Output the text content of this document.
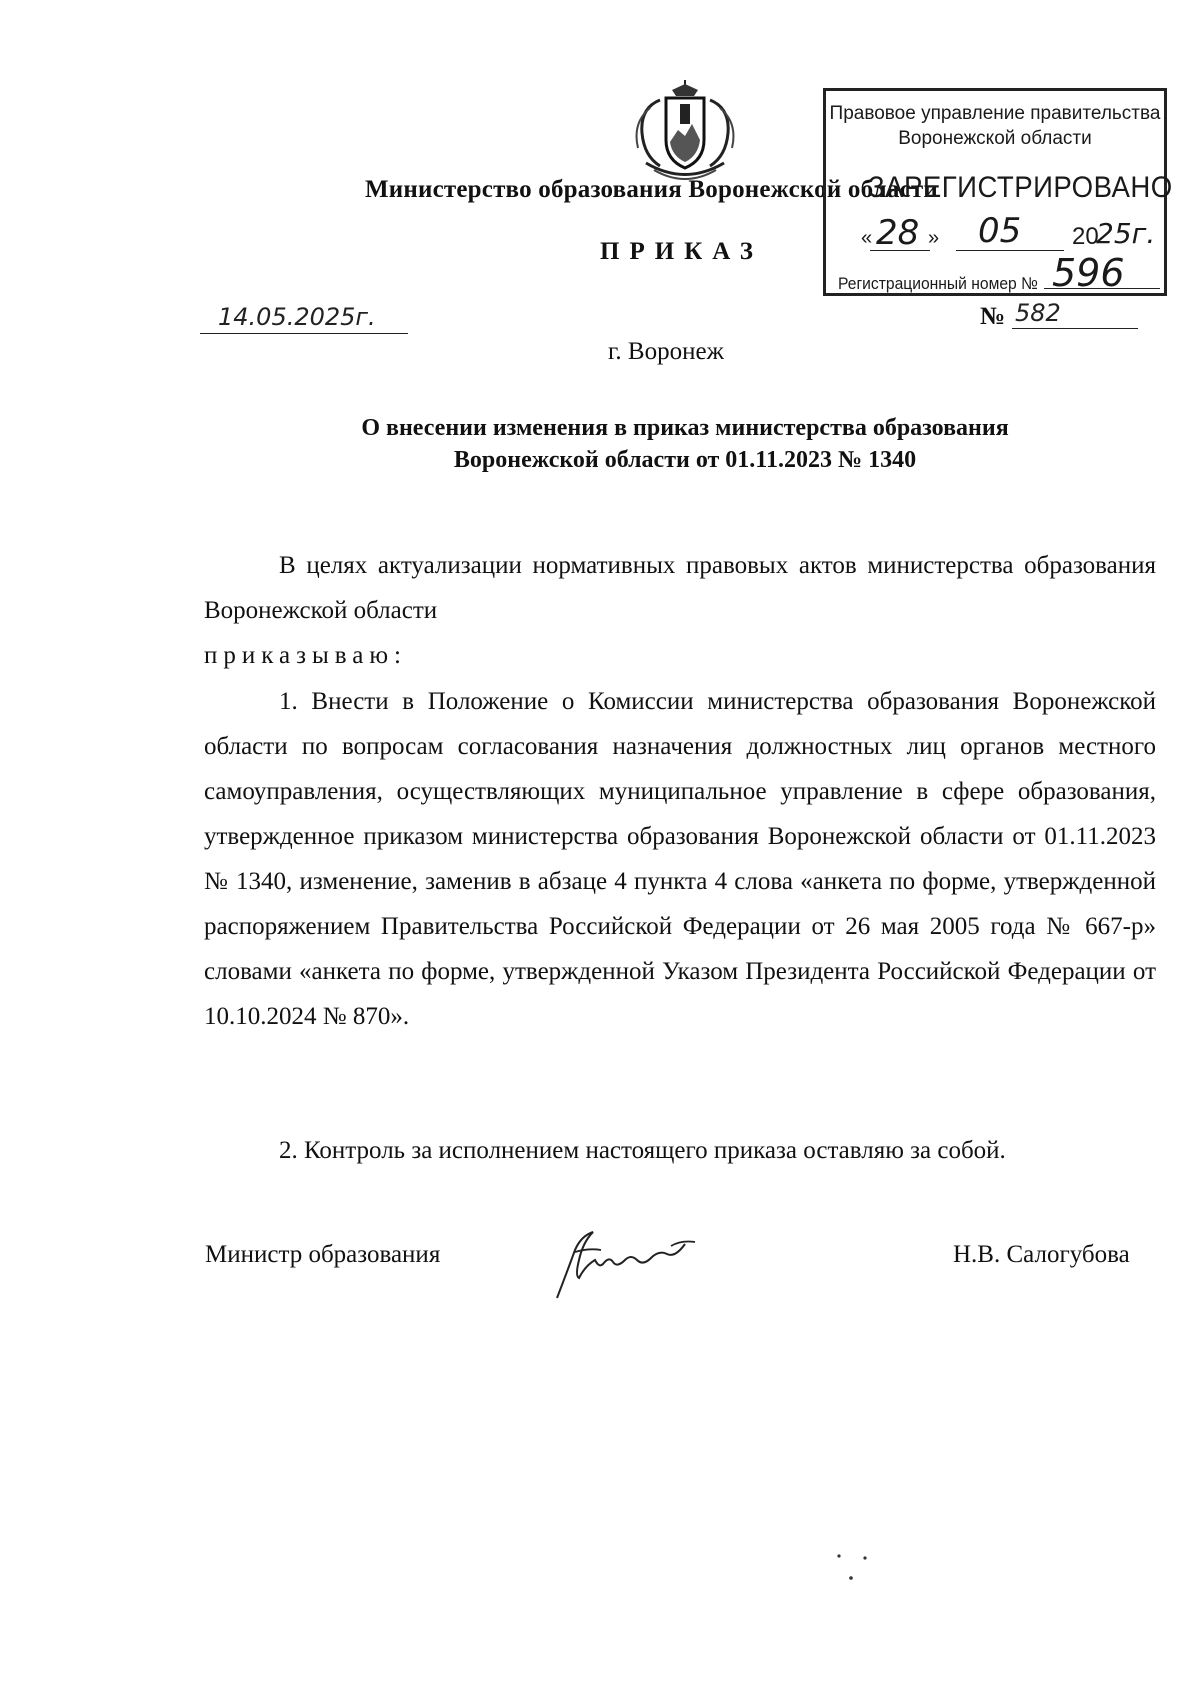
Министерство образования Воронежской области
ПРИКАЗ
14.05.2025г.	№ 582
г. Воронеж
Правовое управление правительства
Воронежской области
ЗАРЕГИСТРИРОВАНО
« 28 » 05 20
25г.
Регистрационный номер № 596
О внесении изменения в приказ министерства образования
Воронежской области от 01.11.2023 № 1340
В целях актуализации нормативных правовых актов министерства образования Воронежской области
приказываю:
1. Внести в Положение о Комиссии министерства образования Воронежской области по вопросам согласования назначения должностных лиц органов местного самоуправления, осуществляющих муниципальное управление в сфере образования, утвержденное приказом министерства образования Воронежской области от 01.11.2023 № 1340, изменение, заменив в абзаце 4 пункта 4 слова «анкета по форме, утвержденной распоряжением Правительства Российской Федерации от 26 мая 2005 года № 667-р» словами «анкета по форме, утвержденной Указом Президента Российской Федерации от 10.10.2024 № 870».
2. Контроль за исполнением настоящего приказа оставляю за собой.
Министр образования	Н.В. Салогубова
